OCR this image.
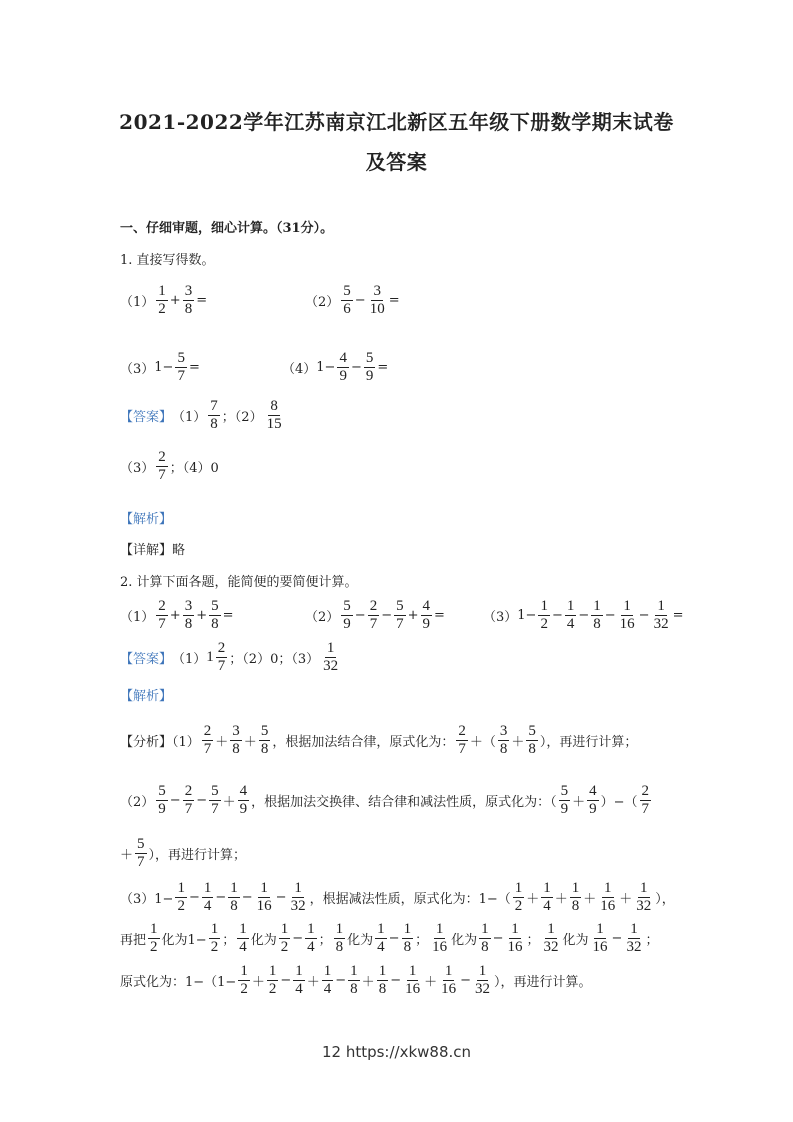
2021-2022学年江苏南京江北新区五年级下册数学期末试卷
及答案
一、仔细审题，细心计算。（31分）。
1. 直接写得数。
$(1) \frac{1}{2} + \frac{3}{8}$ =	$(2) \frac{5}{6} - \frac{3}{10}$ =
（3） $1- \frac{5}{7}$ =	（4） $1- \frac{4}{9} - \frac{5}{9}$ =
【答案】 $(1) \frac{7}{8}$ ；$(2) \frac{8}{15}$
$(3) \frac{2}{7}$ ；（4）0
【解析】
【详解】略
2. 计算下面各题，能简便的要简便计算。
$(1) \frac{2}{7} + \frac{3}{8} + \frac{5}{8}$ =	$(2) \frac{5}{9} - \frac{2}{7} - \frac{5}{7} + \frac{4}{9}$ =	（3） $1- \frac{1}{2} - \frac{1}{4} - \frac{1}{8} - \frac{1}{16} - \frac{1}{32}$ =
【答案】 （1） $1 \frac{2}{7}$ ；（2）0；$(3) \frac{1}{32}$
【解析】
【分析】$(1) \frac{2}{7} + \frac{3}{8} + \frac{5}{8}$ ，根据加法结合律，原式化为： $\frac{2}{7}$ ＋（ $\frac{3}{8} + \frac{5}{8}$ ），再进行计算；
$(2) \frac{5}{9} - \frac{2}{7} - \frac{5}{7} + \frac{4}{9}$ ，根据加法交换律、结合律和减法性质，原式化为：（ $\frac{5}{9} + \frac{4}{9}$ ）−（ $\frac{2}{7}$
＋ $\frac{5}{7}$ ），再进行计算；
$(3)1- \frac{1}{2} - \frac{1}{4} - \frac{1}{8} - \frac{1}{16} - \frac{1}{32}$ ，根据减法性质，原式化为：$1-( \frac{1}{2} + \frac{1}{4} + \frac{1}{8} + \frac{1}{16} + \frac{1}{32}$ ），
再把 $\frac{1}{2}$ 化为$1- \frac{1}{2}$ ； $\frac{1}{4}$ 化为 $\frac{1}{2} - \frac{1}{4}$ ； $\frac{1}{8}$ 化为 $\frac{1}{4} - \frac{1}{8}$ ； $\frac{1}{16}$ 化为 $\frac{1}{8} - \frac{1}{16}$ ； $\frac{1}{32}$ 化为 $\frac{1}{16} - \frac{1}{32}$ ；
原式化为：$1-(1- \frac{1}{2} + \frac{1}{2} - \frac{1}{4} + \frac{1}{4} - \frac{1}{8} + \frac{1}{8} - \frac{1}{16} + \frac{1}{16} - \frac{1}{32}$ ），再进行计算。
12 https://xkw88.cn
